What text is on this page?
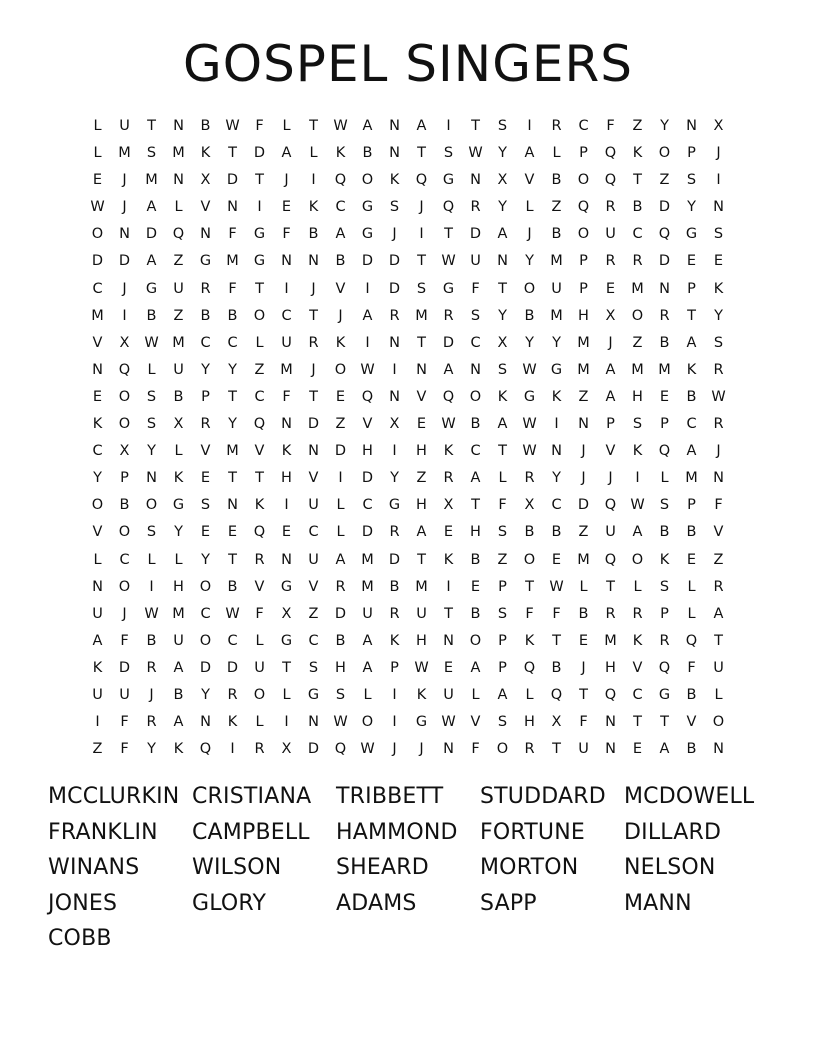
GOSPEL SINGERS
L	U	T	N	B	W	F	L	T	W	A	N	A	I	T	S	I	R	C	F	Z	Y	N	X
L	M	S	M	K	T	D	A	L	K	B	N	T	S	W	Y	A	L	P	Q	K	O	P	J
E	J	M	N	X	D	T	J	I	Q	O	K	Q	G	N	X	V	B	O	Q	T	Z	S	I
W	J	A	L	V	N	I	E	K	C	G	S	J	Q	R	Y	L	Z	Q	R	B	D	Y	N
O	N	D	Q	N	F	G	F	B	A	G	J	I	T	D	A	J	B	O	U	C	Q	G	S
D	D	A	Z	G	M	G	N	N	B	D	D	T	W	U	N	Y	M	P	R	R	D	E	E
C	J	G	U	R	F	T	I	J	V	I	D	S	G	F	T	O	U	P	E	M	N	P	K
M	I	B	Z	B	B	O	C	T	J	A	R	M	R	S	Y	B	M	H	X	O	R	T	Y
V	X	W M	C	C	L	U	R	K	I	N	T	D	C	X	Y	Y	M	J	Z	B	A	S
N	Q	L	U	Y	Y	Z	M	J	O W	I	N	A	N	S	W G	M	A	M M	K	R
E	O	S	B	P	T	C	F	T	E	Q	N	V	Q	O	K	G	K	Z	A	H	E	B	W
K	O	S	X	R	Y	Q	N	D	Z	V	X	E	W	B	A	W	I	N	P	S	P	C	R
C	X	Y	L	V	M	V	K	N	D	H	I	H	K	C	T	W N	J	V	K	Q	A	J
Y	P	N	K	E	T	T	H	V	I	D	Y	Z	R	A	L	R	Y	J	J	I	L	M	N
O	B	O	G	S	N	K	I	U	L	C	G	H	X	T	F	X	C	D	Q W	S	P	F
V	O	S	Y	E	E	Q	E	C	L	D	R	A	E	H	S	B	B	Z	U	A	B	B	V
L	C	L	L	Y	T	R	N	U	A	M	D	T	K	B	Z	O	E	M	Q	O	K	E	Z
N	O	I	H	O	B	V	G	V	R	M	B	M	I	E	P	T	W	L	T	L	S	L	R
U	J	W M	C	W	F	X	Z	D	U	R	U	T	B	S	F	F	B	R	R	P	L	A
A	F	B	U	O	C	L	G	C	B	A	K	H	N	O	P	K	T	E	M	K	R	Q	T
K	D	R	A	D	D	U	T	S	H	A	P	W	E	A	P	Q	B	J	H	V	Q	F	U
U	U	J	B	Y	R	O	L	G	S	L	I	K	U	L	A	L	Q	T	Q	C	G	B	L
I	F	R	A	N	K	L	I	N W O	I	G W	V	S	H	X	F	N	T	T	V	O
Z	F	Y	K	Q	I	R	X	D	Q W	J	J	N	F	O	R	T	U	N	E	A	B	N
MCCLURKIN CRISTIANA	TRIBBETT	STUDDARD MCDOWELL
FRANKLIN	CAMPBELL	HAMMOND	FORTUNE	DILLARD
WINANS	WILSON	SHEARD	MORTON	NELSON
JONES	GLORY	ADAMS	SAPP	MANN
COBB
